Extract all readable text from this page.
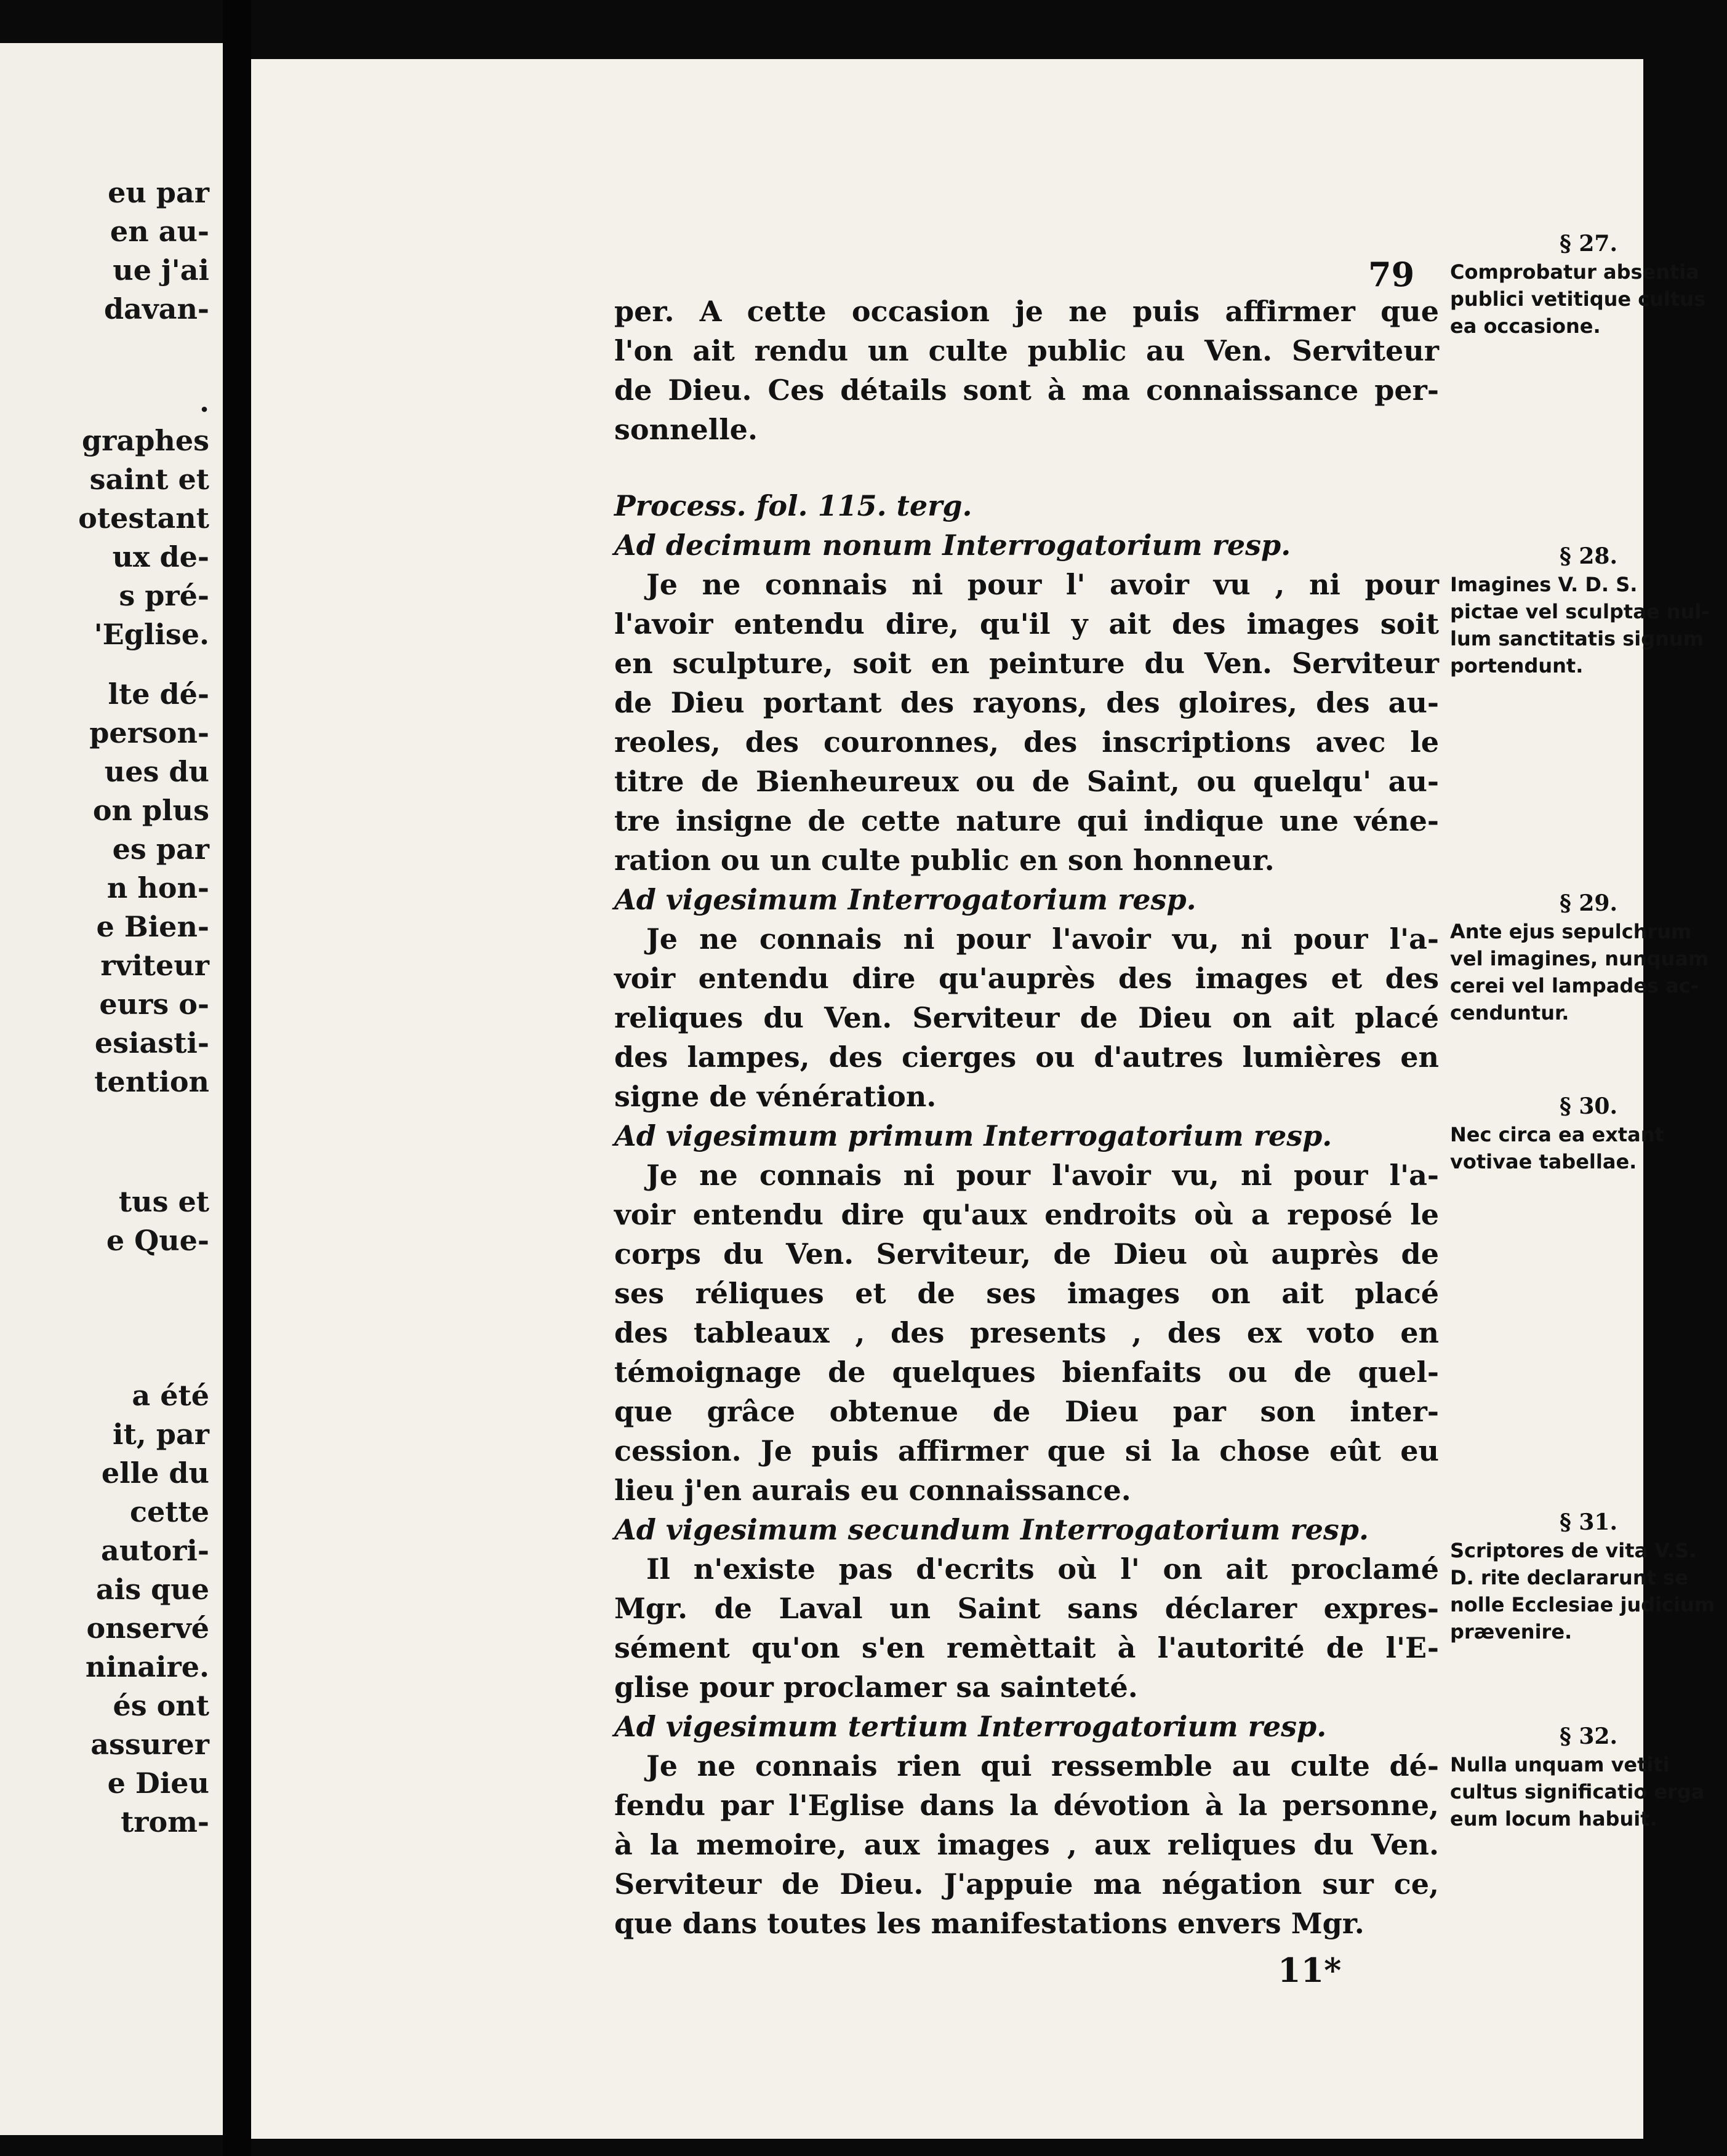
eu par
en au-
ue j'ai
davan-
.
graphes
saint et
otestant
ux de-
s pré-
'Eglise.
lte dé-
person-
ues du
on plus
es par
n hon-
e Bien-
rviteur
eurs o-
esiasti-
tention
tus et
e Que-
a été
it, par
elle du
cette
autori-
ais que
onservé
ninaire.
és ont
assurer
e Dieu
trom-
79
per. A cette occasion je ne puis affirmer que
l'on ait rendu un culte public au Ven. Serviteur
de Dieu. Ces détails sont à ma connaissance per-
sonnelle.
Process. fol. 115. terg.
Ad decimum nonum Interrogatorium resp.
Je ne connais ni pour l' avoir vu , ni pour
l'avoir entendu dire, qu'il y ait des images soit
en sculpture, soit en peinture du Ven. Serviteur
de Dieu portant des rayons, des gloires, des au-
reoles, des couronnes, des inscriptions avec le
titre de Bienheureux ou de Saint, ou quelqu' au-
tre insigne de cette nature qui indique une véne-
ration ou un culte public en son honneur.
Ad vigesimum Interrogatorium resp.
Je ne connais ni pour l'avoir vu, ni pour l'a-
voir entendu dire qu'auprès des images et des
reliques du Ven. Serviteur de Dieu on ait placé
des lampes, des cierges ou d'autres lumières en
signe de vénération.
Ad vigesimum primum Interrogatorium resp.
Je ne connais ni pour l'avoir vu, ni pour l'a-
voir entendu dire qu'aux endroits où a reposé le
corps du Ven. Serviteur, de Dieu où auprès de
ses réliques et de ses images on ait placé
des tableaux , des presents , des ex voto en
témoignage de quelques bienfaits ou de quel-
que grâce obtenue de Dieu par son inter-
cession. Je puis affirmer que si la chose eût eu
lieu j'en aurais eu connaissance.
Ad vigesimum secundum Interrogatorium resp.
Il n'existe pas d'ecrits où l' on ait proclamé
Mgr. de Laval un Saint sans déclarer expres-
sément qu'on s'en remèttait à l'autorité de l'E-
glise pour proclamer sa sainteté.
Ad vigesimum tertium Interrogatorium resp.
Je ne connais rien qui ressemble au culte dé-
fendu par l'Eglise dans la dévotion à la personne,
à la memoire, aux images , aux reliques du Ven.
Serviteur de Dieu. J'appuie ma négation sur ce,
que dans toutes les manifestations envers Mgr.
§ 27.
Comprobatur absentia
publici vetitique cultus
ea occasione.
§ 28.
Imagines V. D. S.
pictae vel sculptae nul-
lum sanctitatis signum
portendunt.
§ 29.
Ante ejus sepulchrum
vel imagines, nunquam
cerei vel lampades ac-
cenduntur.
§ 30.
Nec circa ea extant
votivae tabellae.
§ 31.
Scriptores de vita V.S.
D. rite declararunt se
nolle Ecclesiae judicium
prævenire.
§ 32.
Nulla unquam vetiti
cultus significatio erga
eum locum habuit.
11*
